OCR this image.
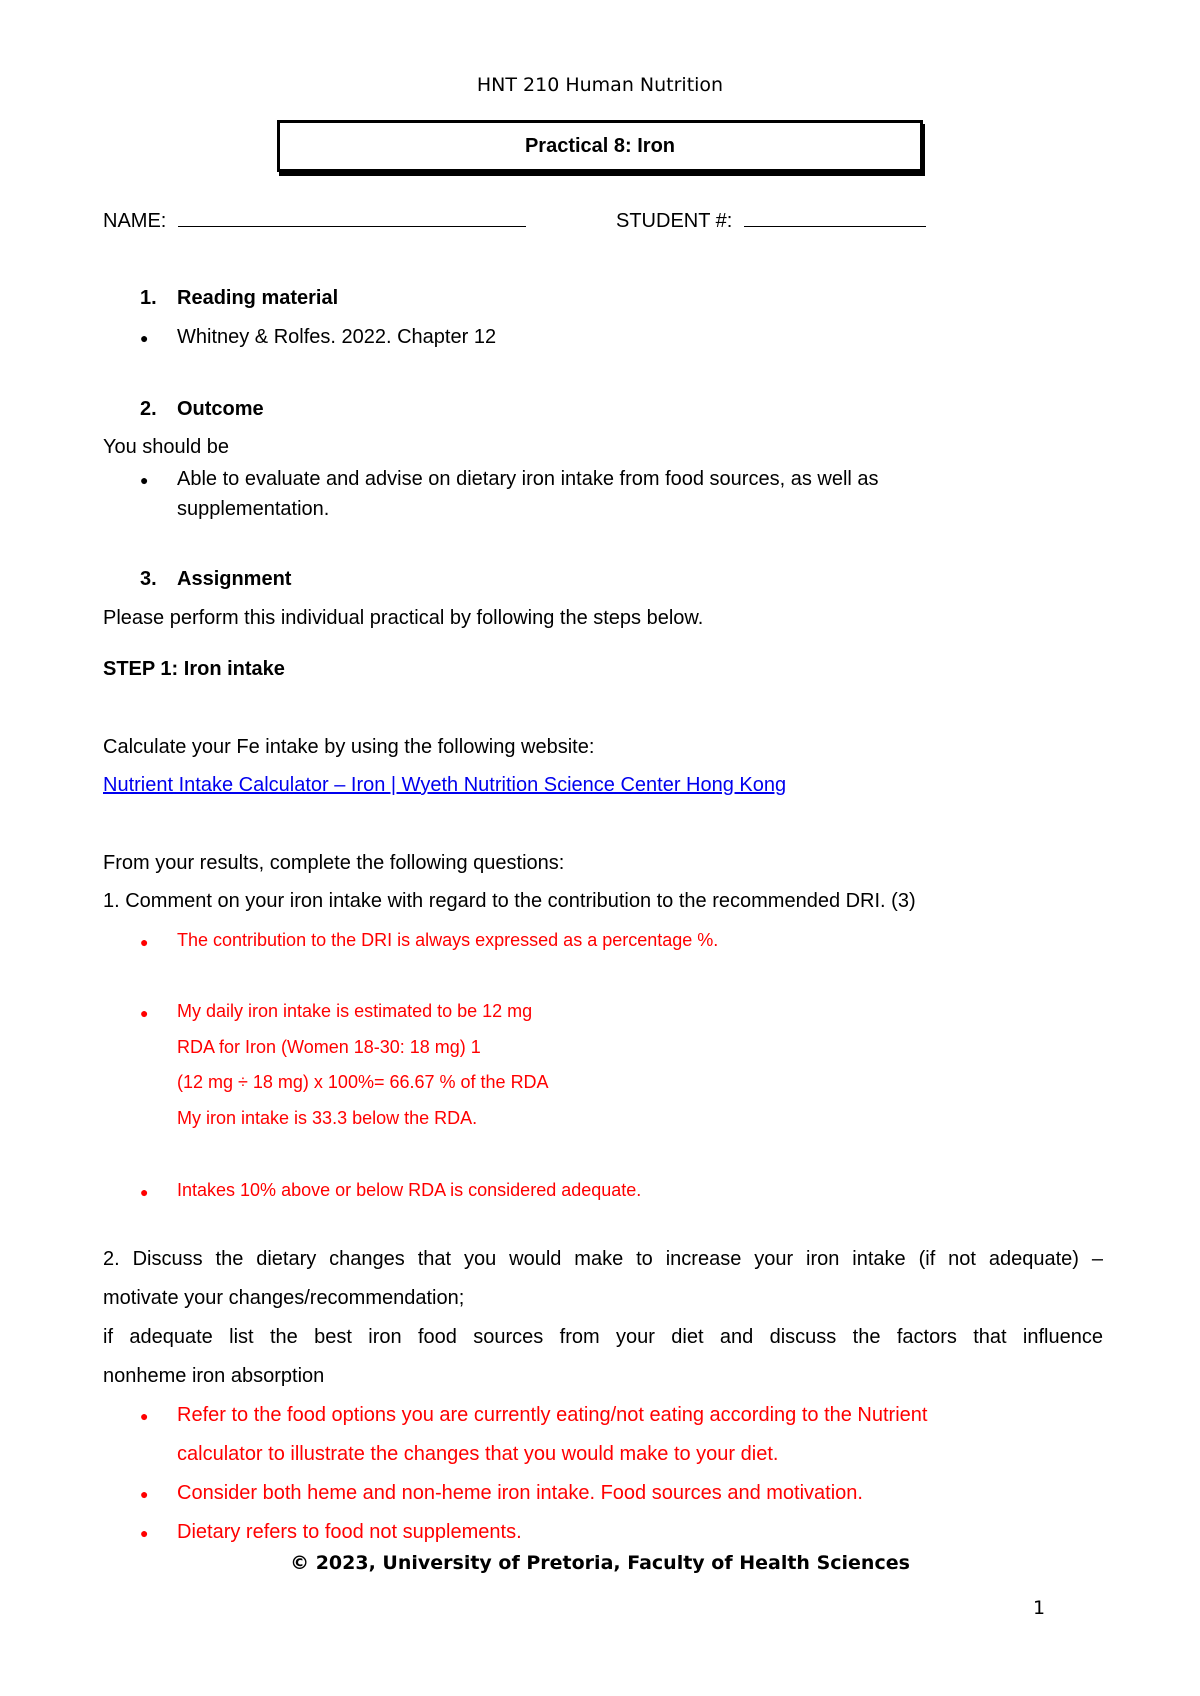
HNT 210 Human Nutrition
Practical 8: Iron
NAME:	STUDENT #:
1. Reading material
● Whitney & Rolfes. 2022. Chapter 12
2. Outcome
You should be
● Able to evaluate and advise on dietary iron intake from food sources, as well as
supplementation.
3. Assignment
Please perform this individual practical by following the steps below.
STEP 1: Iron intake
Calculate your Fe intake by using the following website:
Nutrient Intake Calculator – Iron | Wyeth Nutrition Science Center Hong Kong
From your results, complete the following questions:
1. Comment on your iron intake with regard to the contribution to the recommended DRI. (3)
● The contribution to the DRI is always expressed as a percentage %.
● My daily iron intake is estimated to be 12 mg
RDA for Iron (Women 18-30: 18 mg) 1
(12 mg ÷ 18 mg) x 100%= 66.67 % of the RDA
My iron intake is 33.3 below the RDA.
● Intakes 10% above or below RDA is considered adequate.
2. Discuss the dietary changes that you would make to increase your iron intake (if not adequate) –
motivate your changes/recommendation;
if adequate list the best iron food sources from your diet and discuss the factors that influence
nonheme iron absorption
● Refer to the food options you are currently eating/not eating according to the Nutrient
calculator to illustrate the changes that you would make to your diet.
● Consider both heme and non-heme iron intake. Food sources and motivation.
● Dietary refers to food not supplements.
© 2023, University of Pretoria, Faculty of Health Sciences
1
